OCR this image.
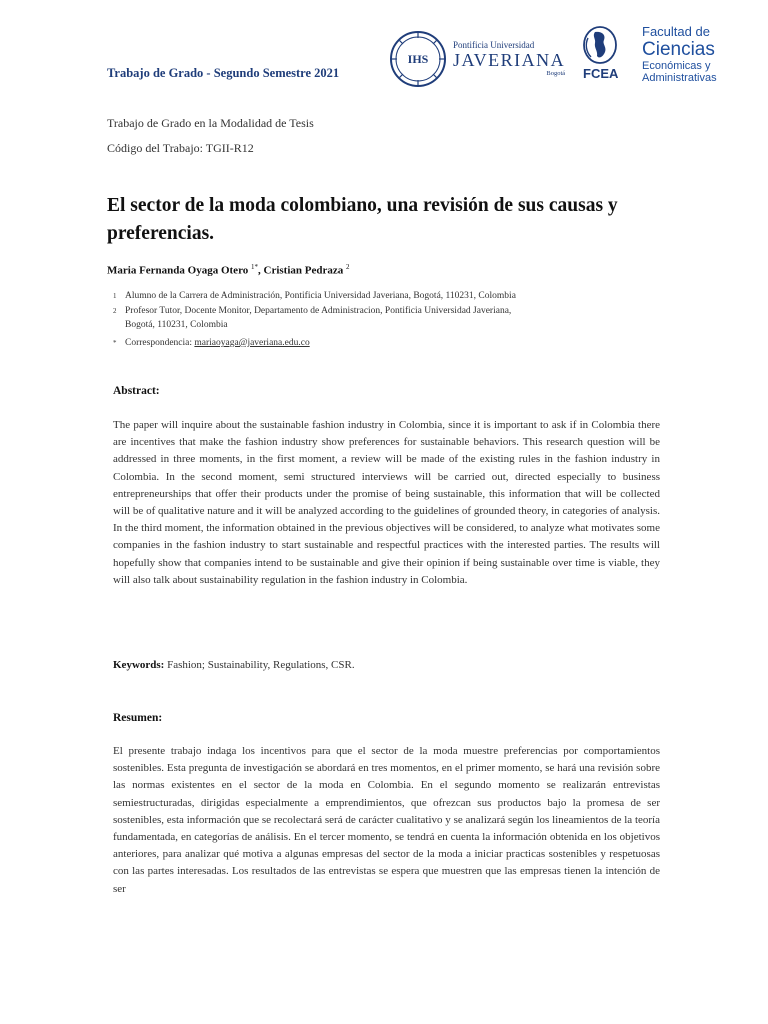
Trabajo de Grado - Segundo Semestre 2021
IHS
Pontificia Universidad
JAVERIANA
Bogotá FCEA
Facultad de
Ciencias
Económicas y
Administrativas
Trabajo de Grado en la Modalidad de Tesis
Código del Trabajo: TGII-R12
El sector de la moda colombiano, una revisión de sus causas y preferencias.
Maria Fernanda Oyaga Otero $^{1*}$, Cristian Pedraza $^2$
1 Alumno de la Carrera de Administración, Pontificia Universidad Javeriana, Bogotá, 110231, Colombia
2 Profesor Tutor, Docente Monitor, Departamento de Administracion, Pontificia Universidad Javeriana,
Bogotá, 110231, Colombia
* Correspondencia: mariaoyaga@javeriana.edu.co
Abstract:
The paper will inquire about the sustainable fashion industry in Colombia, since it is important to ask if in Colombia there are incentives that make the fashion industry show preferences for sustainable behaviors. This research question will be addressed in three moments, in the first moment, a review will be made of the existing rules in the fashion industry in Colombia. In the second moment, semi structured interviews will be carried out, directed especially to business entrepreneurships that offer their products under the promise of being sustainable, this information that will be collected will be of qualitative nature and it will be analyzed according to the guidelines of grounded theory, in categories of analysis. In the third moment, the information obtained in the previous objectives will be considered, to analyze what motivates some companies in the fashion industry to start sustainable and respectful practices with the interested parties. The results will hopefully show that companies intend to be sustainable and give their opinion if being sustainable over time is viable, they will also talk about sustainability regulation in the fashion industry in Colombia.
Keywords: Fashion; Sustainability, Regulations, CSR.
Resumen:
El presente trabajo indaga los incentivos para que el sector de la moda muestre preferencias por comportamientos sostenibles. Esta pregunta de investigación se abordará en tres momentos, en el primer momento, se hará una revisión sobre las normas existentes en el sector de la moda en Colombia. En el segundo momento se realizarán entrevistas semiestructuradas, dirigidas especialmente a emprendimientos, que ofrezcan sus productos bajo la promesa de ser sostenibles, esta información que se recolectará será de carácter cualitativo y se analizará según los lineamientos de la teoría fundamentada, en categorías de análisis. En el tercer momento, se tendrá en cuenta la información obtenida en los objetivos anteriores, para analizar qué motiva a algunas empresas del sector de la moda a iniciar practicas sostenibles y respetuosas con las partes interesadas. Los resultados de las entrevistas se espera que muestren que las empresas tienen la intención de ser
